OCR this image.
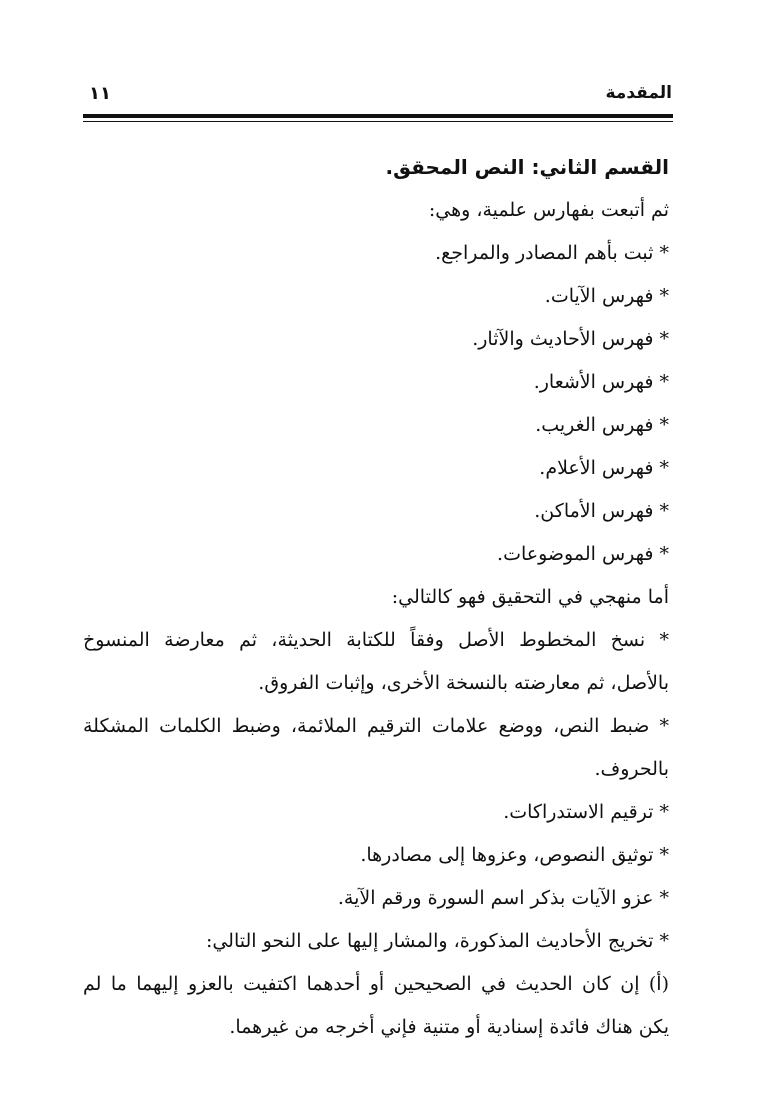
المقدمة
١١
القسم الثاني: النص المحقق.
ثم أتبعت بفهارس علمية، وهي:
* ثبت بأهم المصادر والمراجع.
* فهرس الآيات.
* فهرس الأحاديث والآثار.
* فهرس الأشعار.
* فهرس الغريب.
* فهرس الأعلام.
* فهرس الأماكن.
* فهرس الموضوعات.
أما منهجي في التحقيق فهو كالتالي:
* نسخ المخطوط الأصل وفقاً للكتابة الحديثة، ثم معارضة المنسوخ
بالأصل، ثم معارضته بالنسخة الأخرى، وإثبات الفروق.
* ضبط النص، ووضع علامات الترقيم الملائمة، وضبط الكلمات المشكلة
بالحروف.
* ترقيم الاستدراكات.
* توثيق النصوص، وعزوها إلى مصادرها.
* عزو الآيات بذكر اسم السورة ورقم الآية.
* تخريج الأحاديث المذكورة، والمشار إليها على النحو التالي:
(أ) إن كان الحديث في الصحيحين أو أحدهما اكتفيت بالعزو إليهما ما لم
يكن هناك فائدة إسنادية أو متنية فإني أخرجه من غيرهما.
